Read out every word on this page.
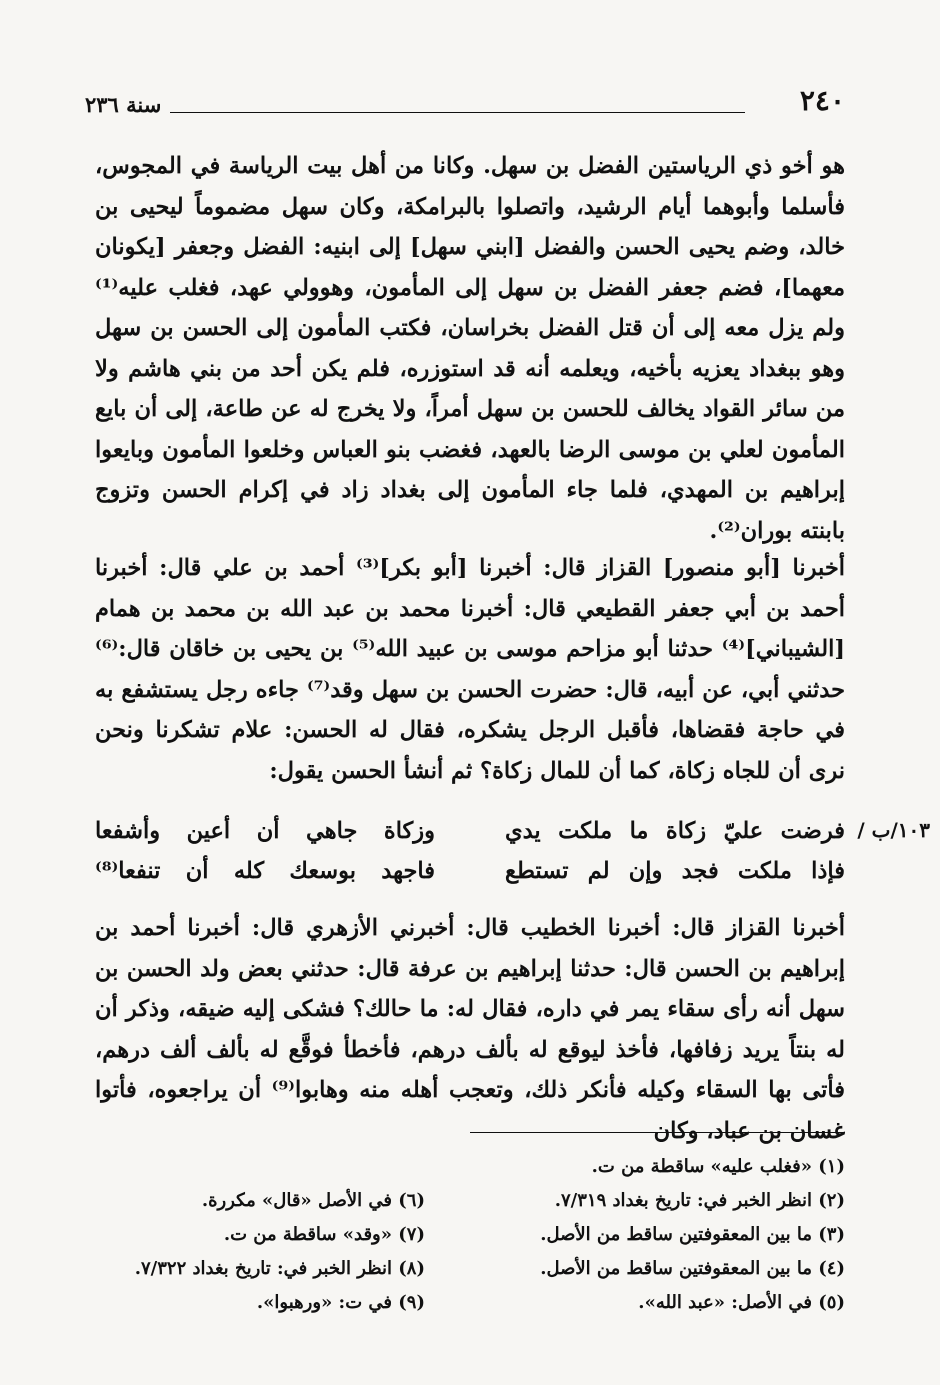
٢٤٠
سنة ٢٣٦
هو أخو ذي الرياستين الفضل بن سهل. وكانا من أهل بيت الرياسة في المجوس، فأسلما وأبوهما أيام الرشيد، واتصلوا بالبرامكة، وكان سهل مضموماً ليحيى بن خالد، وضم يحيى الحسن والفضل [ابني سهل] إلى ابنيه: الفضل وجعفر [يكونان معهما]، فضم جعفر الفضل بن سهل إلى المأمون، وهوولي عهد، فغلب عليه⁽¹⁾ ولم يزل معه إلى أن قتل الفضل بخراسان، فكتب المأمون إلى الحسن بن سهل وهو ببغداد يعزيه بأخيه، ويعلمه أنه قد استوزره، فلم يكن أحد من بني هاشم ولا من سائر القواد يخالف للحسن بن سهل أمراً، ولا يخرج له عن طاعة، إلى أن بايع المأمون لعلي بن موسى الرضا بالعهد، فغضب بنو العباس وخلعوا المأمون وبايعوا إبراهيم بن المهدي، فلما جاء المأمون إلى بغداد زاد في إكرام الحسن وتزوج بابنته بوران⁽²⁾.
أخبرنا [أبو منصور] القزاز قال: أخبرنا [أبو بكر]⁽³⁾ أحمد بن علي قال: أخبرنا أحمد بن أبي جعفر القطيعي قال: أخبرنا محمد بن عبد الله بن محمد بن همام [الشيباني]⁽⁴⁾ حدثنا أبو مزاحم موسى بن عبيد الله⁽⁵⁾ بن يحيى بن خاقان قال:⁽⁶⁾ حدثني أبي، عن أبيه، قال: حضرت الحسن بن سهل وقد⁽⁷⁾ جاءه رجل يستشفع به في حاجة فقضاها، فأقبل الرجل يشكره، فقال له الحسن: علام تشكرنا ونحن نرى أن للجاه زكاة، كما أن للمال زكاة؟ ثم أنشأ الحسن يقول:
١٠٣/ب /
فرضت عليّ زكاة ما ملكت يدي
وزكاة جاهي أن أعين وأشفعا
فإذا ملكت فجد وإن لم تستطع
فاجهد بوسعك كله أن تنفعا⁽⁸⁾
أخبرنا القزاز قال: أخبرنا الخطيب قال: أخبرني الأزهري قال: أخبرنا أحمد بن إبراهيم بن الحسن قال: حدثنا إبراهيم بن عرفة قال: حدثني بعض ولد الحسن بن سهل أنه رأى سقاء يمر في داره، فقال له: ما حالك؟ فشكى إليه ضيقه، وذكر أن له بنتاً يريد زفافها، فأخذ ليوقع له بألف درهم، فأخطأ فوقَّع له بألف ألف درهم، فأتى بها السقاء وكيله فأنكر ذلك، وتعجب أهله منه وهابوا⁽⁹⁾ أن يراجعوه، فأتوا غسان بن عباد، وكان
(١) «فغلب عليه» ساقطة من ت.
(٢) انظر الخبر في: تاريخ بغداد ٧/٣١٩.
(٣) ما بين المعقوفتين ساقط من الأصل.
(٤) ما بين المعقوفتين ساقط من الأصل.
(٥) في الأصل: «عبد الله».
(٦) في الأصل «قال» مكررة.
(٧) «وقد» ساقطة من ت.
(٨) انظر الخبر في: تاريخ بغداد ٧/٣٢٢.
(٩) في ت: «ورهبوا».
